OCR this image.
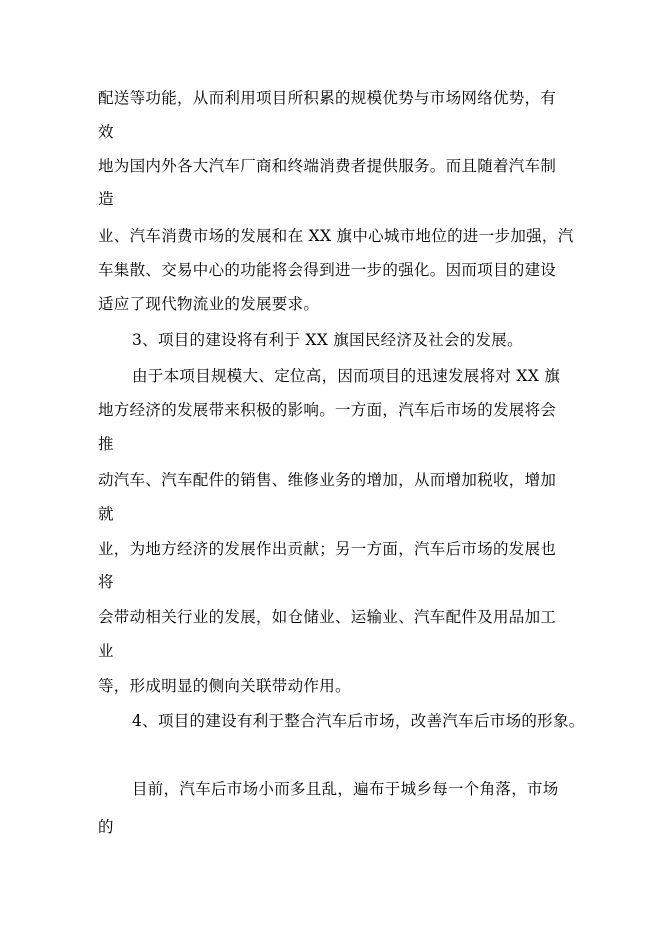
配送等功能，从而利用项目所积累的规模优势与市场网络优势，有
效
地为国内外各大汽车厂商和终端消费者提供服务。而且随着汽车制
造
业、汽车消费市场的发展和在 XX 旗中心城市地位的进一步加强，汽
车集散、交易中心的功能将会得到进一步的强化。因而项目的建设
适应了现代物流业的发展要求。
3、项目的建设将有利于 XX 旗国民经济及社会的发展。
由于本项目规模大、定位高，因而项目的迅速发展将对 XX 旗
地方经济的发展带来积极的影响。一方面，汽车后市场的发展将会
推
动汽车、汽车配件的销售、维修业务的增加，从而增加税收，增加
就
业，为地方经济的发展作出贡献；另一方面，汽车后市场的发展也
将
会带动相关行业的发展，如仓储业、运输业、汽车配件及用品加工
业
等，形成明显的侧向关联带动作用。
4、项目的建设有利于整合汽车后市场，改善汽车后市场的形象。
目前，汽车后市场小而多且乱，遍布于城乡每一个角落，市场
的
